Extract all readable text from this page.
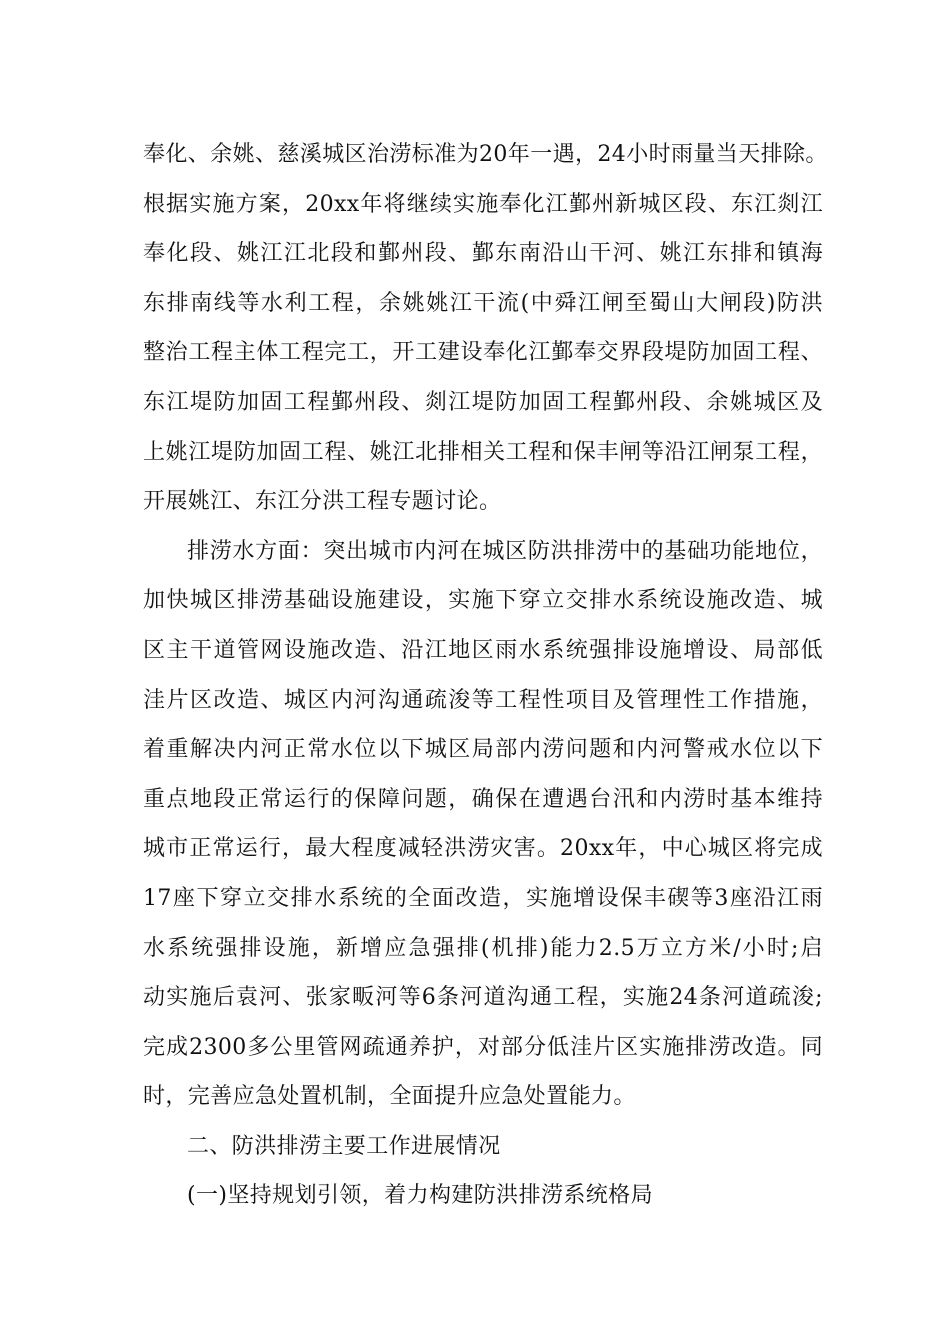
奉化、余姚、慈溪城区治涝标准为20年一遇，24小时雨量当天排除。
根据实施方案，20xx年将继续实施奉化江鄞州新城区段、东江剡江
奉化段、姚江江北段和鄞州段、鄞东南沿山干河、姚江东排和镇海
东排南线等水利工程，余姚姚江干流(中舜江闸至蜀山大闸段)防洪
整治工程主体工程完工，开工建设奉化江鄞奉交界段堤防加固工程、
东江堤防加固工程鄞州段、剡江堤防加固工程鄞州段、余姚城区及
上姚江堤防加固工程、姚江北排相关工程和保丰闸等沿江闸泵工程，
开展姚江、东江分洪工程专题讨论。
排涝水方面：突出城市内河在城区防洪排涝中的基础功能地位，
加快城区排涝基础设施建设，实施下穿立交排水系统设施改造、城
区主干道管网设施改造、沿江地区雨水系统强排设施增设、局部低
洼片区改造、城区内河沟通疏浚等工程性项目及管理性工作措施，
着重解决内河正常水位以下城区局部内涝问题和内河警戒水位以下
重点地段正常运行的保障问题，确保在遭遇台汛和内涝时基本维持
城市正常运行，最大程度减轻洪涝灾害。20xx年，中心城区将完成
17座下穿立交排水系统的全面改造，实施增设保丰碶等3座沿江雨
水系统强排设施，新增应急强排(机排)能力2.5万立方米/小时;启
动实施后袁河、张家畈河等6条河道沟通工程，实施24条河道疏浚;
完成2300多公里管网疏通养护，对部分低洼片区实施排涝改造。同
时，完善应急处置机制，全面提升应急处置能力。
二、防洪排涝主要工作进展情况
(一)坚持规划引领，着力构建防洪排涝系统格局
